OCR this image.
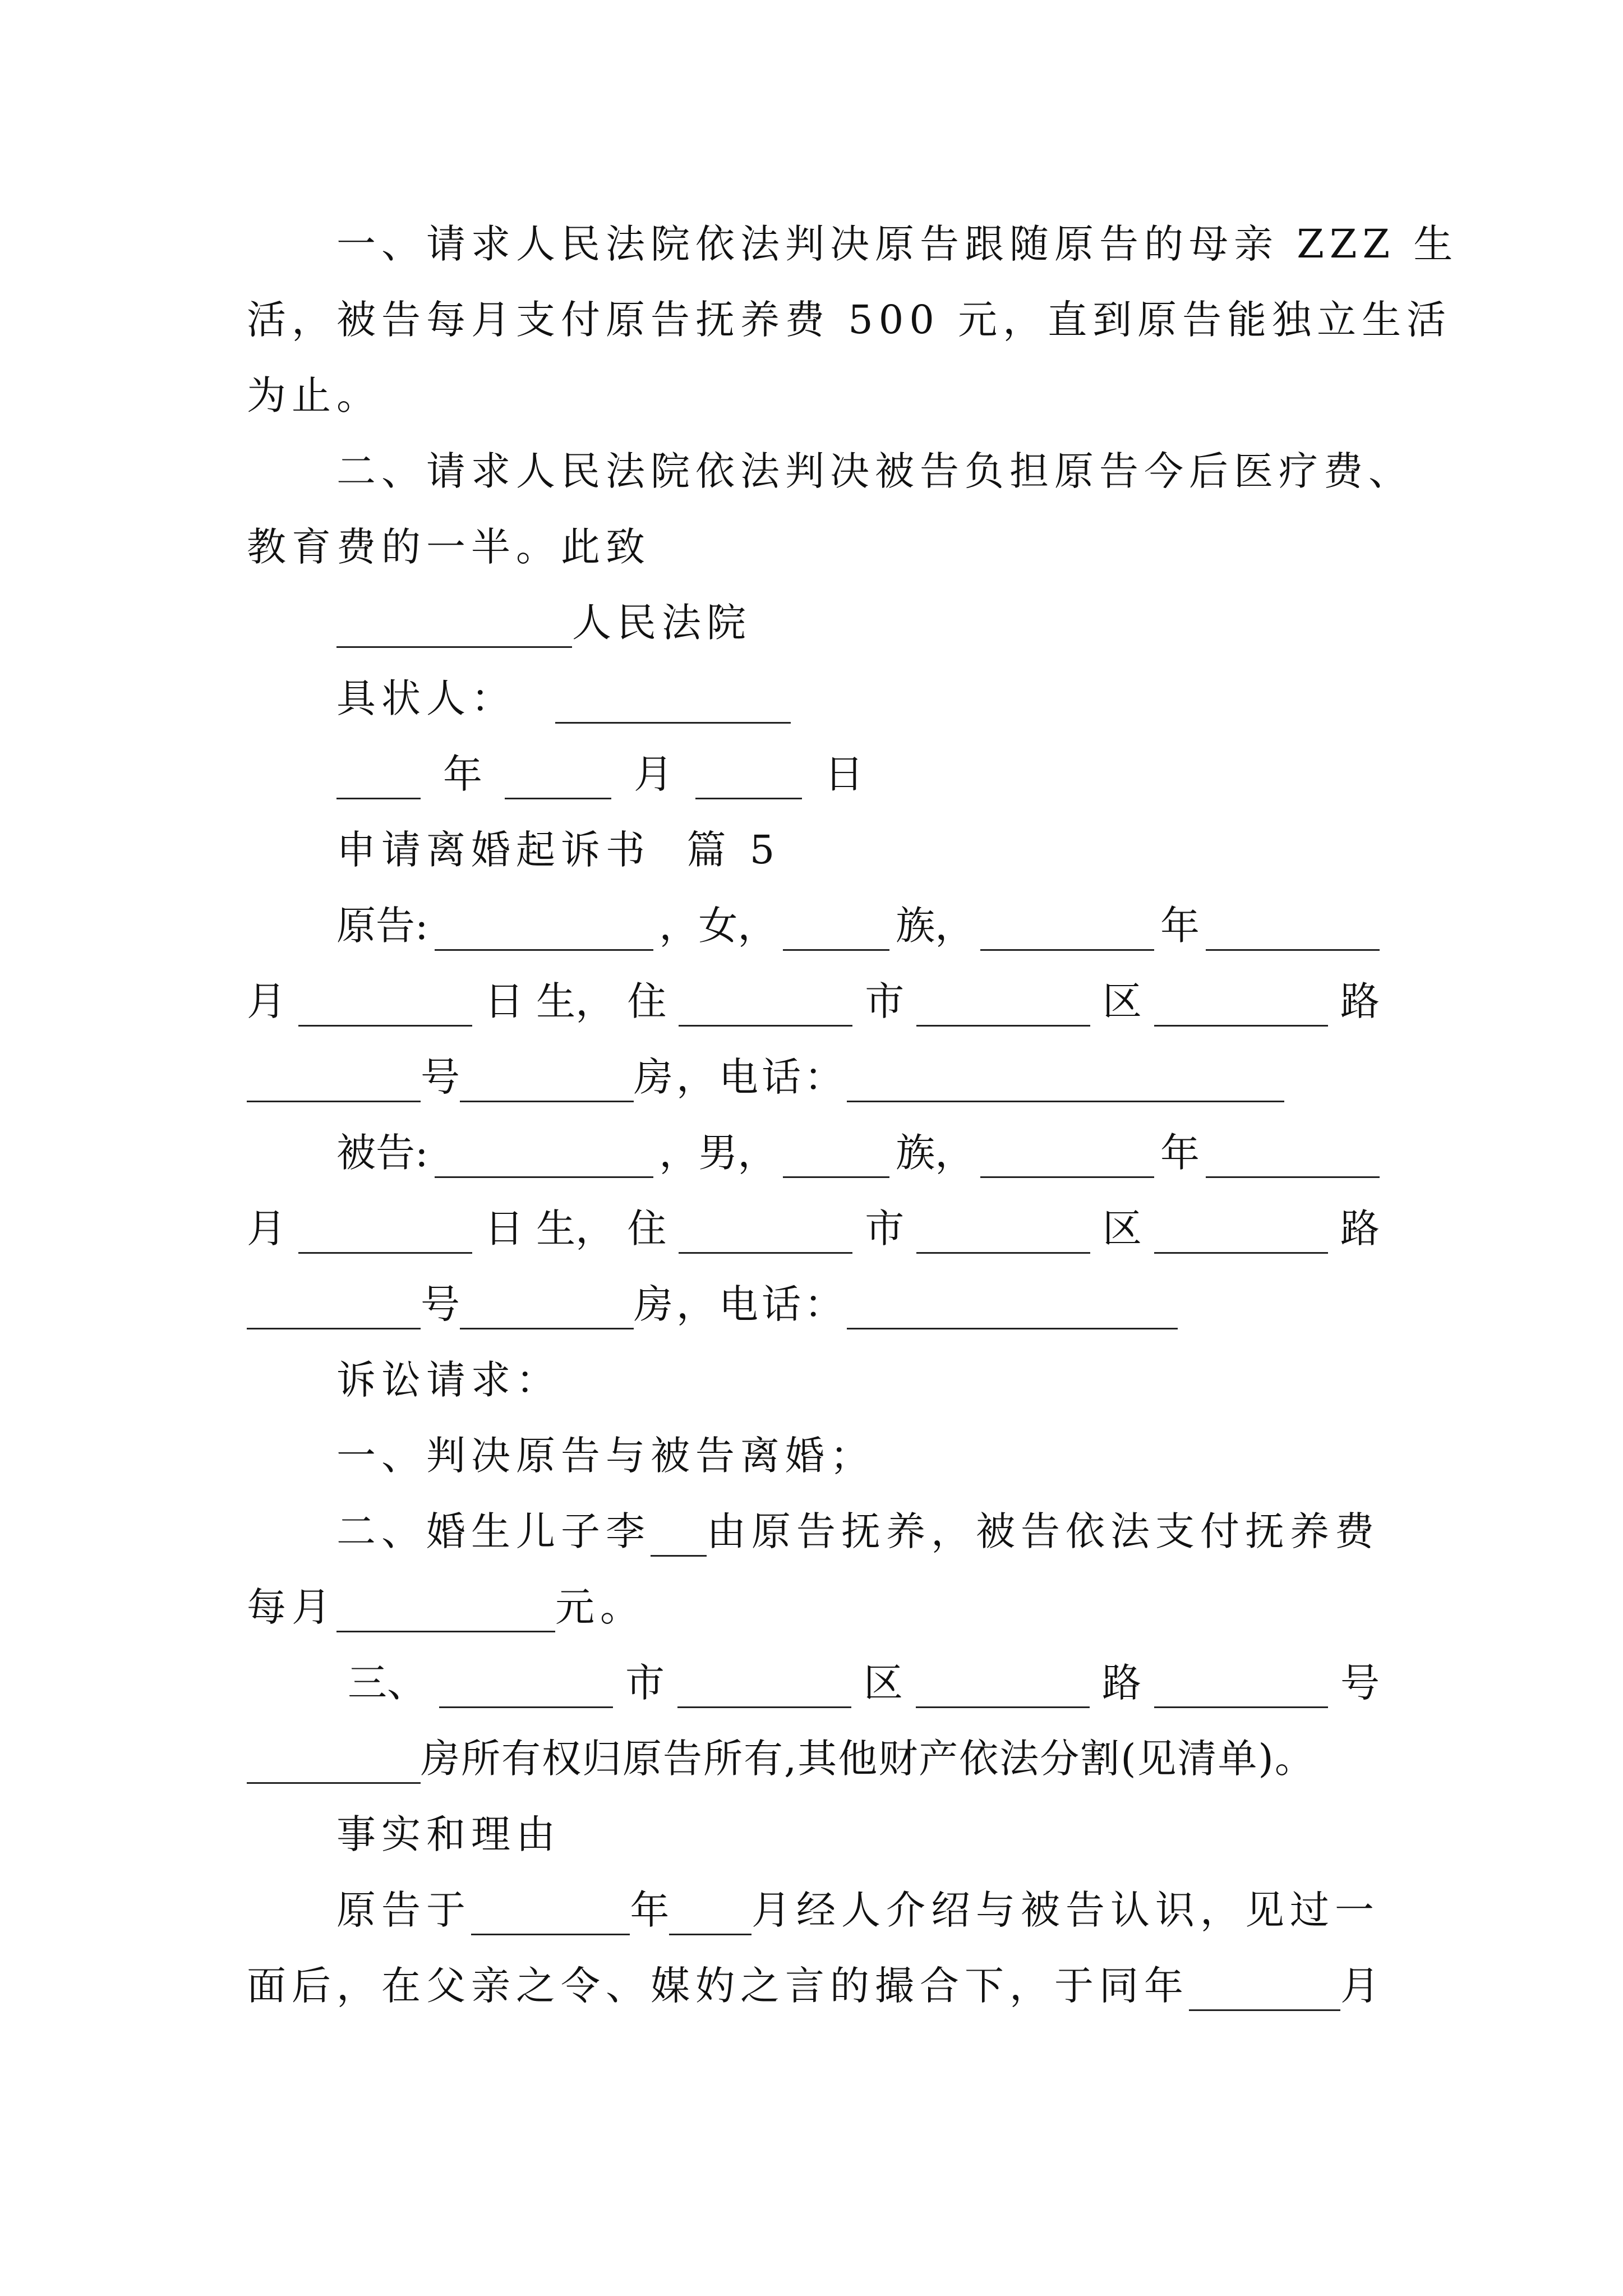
一、请求人民法院依法判决原告跟随原告的母亲 ZZZ 生
活，被告每月支付原告抚养费 500 元，直到原告能独立生活
为止。
二、请求人民法院依法判决被告负担原告今后医疗费、
教育费的一半。此致
人民法院
具状人：
年	月	日
申请离婚起诉书  篇 5
原告:	，女，	族，	年
月	日 生， 住	市	区	路
号	房，电话：
被告:	，男，	族，	年
月	日 生， 住	市	区	路
号	房，电话：
诉讼请求：
一、判决原告与被告离婚；
二、婚生儿子李 由原告抚养，被告依法支付抚养费
每月	元。
三、	市	区	路	号
房所有权归原告所有,其他财产依法分割(见清单)。
事实和理由
原告于	年 月经人介绍与被告认识，见过一
面后，在父亲之令、媒妁之言的撮合下，于同年	月
